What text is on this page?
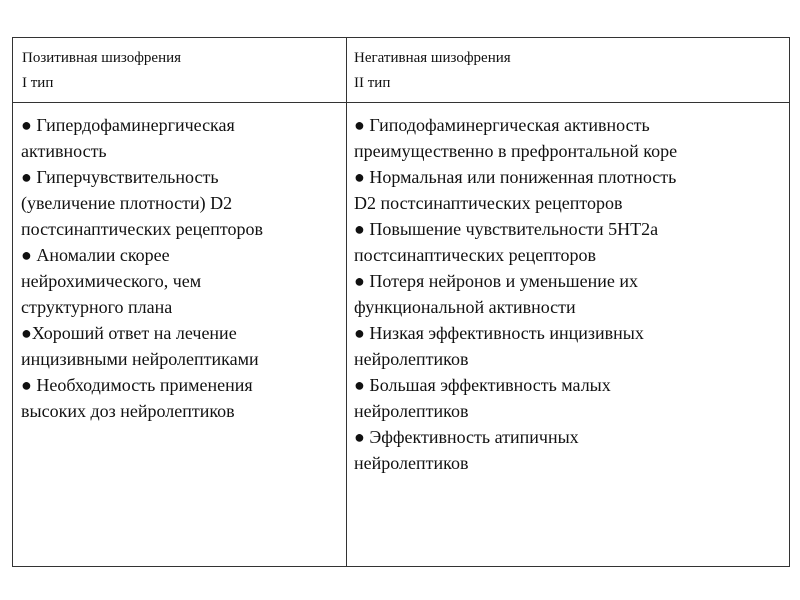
Позитивная шизофрения
I тип
Негативная шизофрения
II тип
● Гипердофаминергическая
активность
● Гиперчувствительность
(увеличение плотности) D2
постсинаптических рецепторов
● Аномалии скорее
нейрохимического, чем
структурного плана
●Хороший ответ на лечение
инцизивными нейролептиками
● Необходимость применения
высоких доз нейролептиков
● Гиподофаминергическая активность
преимущественно в префронтальной коре
● Нормальная или пониженная плотность
D2 постсинаптических рецепторов
● Повышение чувствительности 5HT2a
постсинаптических рецепторов
● Потеря нейронов и уменьшение их
функциональной активности
● Низкая эффективность инцизивных
нейролептиков
● Большая эффективность малых
нейролептиков
● Эффективность атипичных
нейролептиков
